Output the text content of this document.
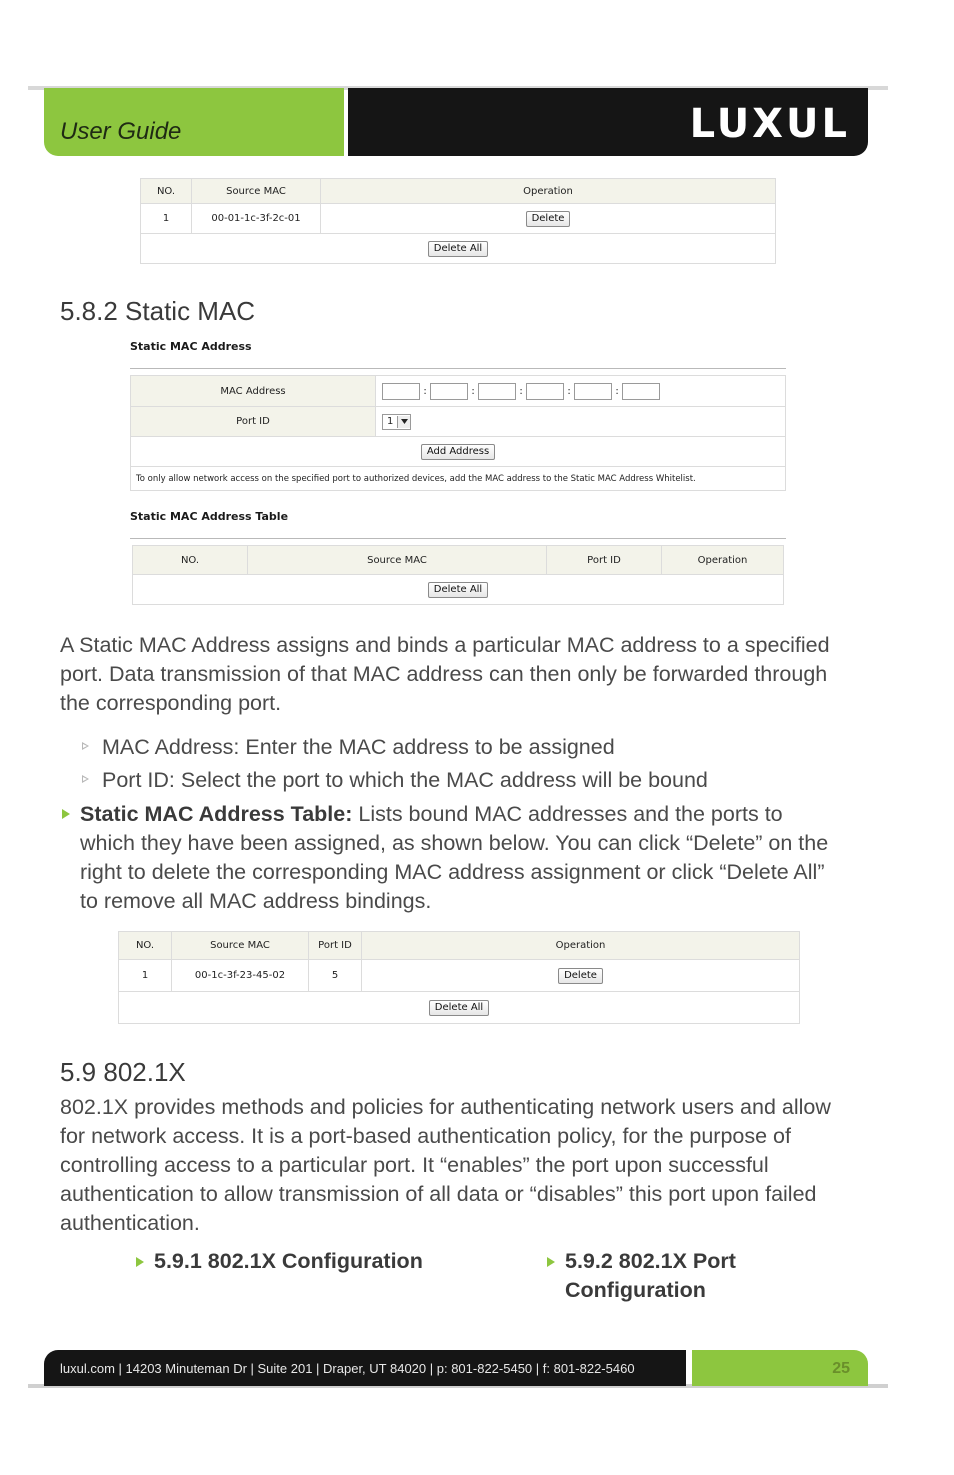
User Guide	LUXUL
NO.	Source MAC	Operation
1	00-01-1c-3f-2c-01	Delete
Delete All		
5.8.2 Static MAC
Static MAC Address
MAC Address	: : : : :
Port ID	1

Add Address	
To only allow network access on the specified port to authorized devices, add the MAC address to the Static MAC Address Whitelist.	
Static MAC Address Table
NO.	Source MAC	Port ID	Operation
Delete All
A Static MAC Address assigns and binds a particular MAC address to a specified port. Data transmission of that MAC address can then only be forwarded through the corresponding port.
MAC Address: Enter the MAC address to be assigned
Port ID: Select the port to which the MAC address will be bound
Static MAC Address Table: Lists bound MAC addresses and the ports to which they have been assigned, as shown below. You can click “Delete” on the right to delete the corresponding MAC address assignment or click “Delete All” to remove all MAC address bindings.
NO.	Source MAC	Port ID	Operation
1	00-1c-3f-23-45-02	5	Delete
Delete All			
5.9 802.1X
802.1X provides methods and policies for authenticating network users and allow for network access. It is a port-based authentication policy, for the purpose of controlling access to a particular port. It “enables” the port upon successful authentication to allow transmission of all data or “disables” this port upon failed authentication.
5.9.1 802.1X Configuration	5.9.2 802.1X Port
Configuration
luxul.com | 14203 Minuteman Dr | Suite 201 | Draper, UT 84020 | p: 801-822-5450 | f: 801-822-5460	25
